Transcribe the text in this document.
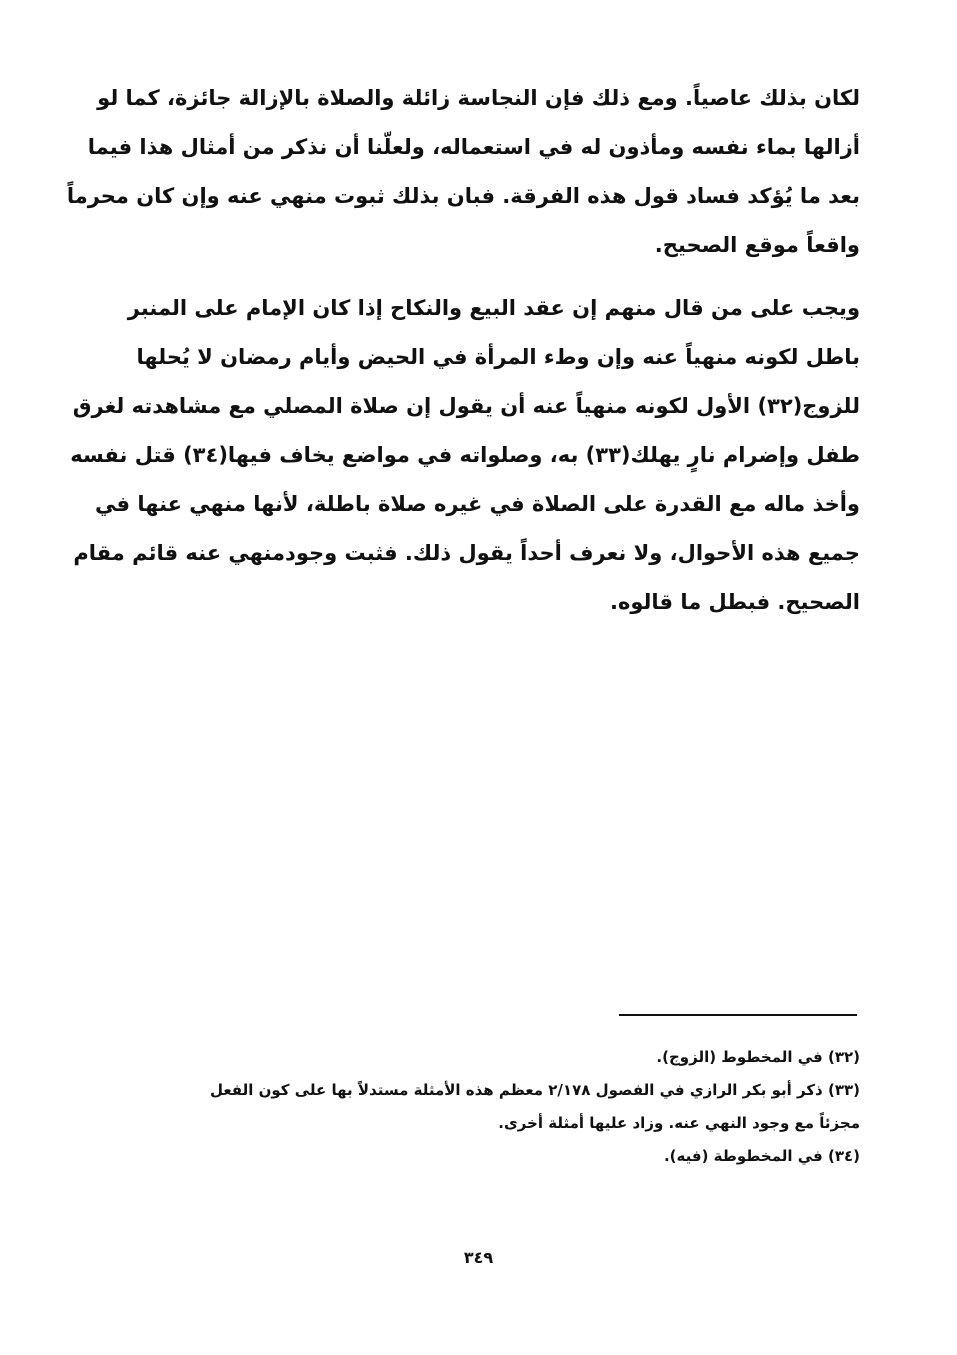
لكان بذلك عاصياً. ومع ذلك فإن النجاسة زائلة والصلاة بالإزالة جائزة، كما لو
أزالها بماء نفسه ومأذون له في استعماله، ولعلّنا أن نذكر من أمثال هذا فيما
بعد ما يُؤكد فساد قول هذه الفرقة. فبان بذلك ثبوت منهي عنه وإن كان محرماً
واقعاً موقع الصحيح.

ويجب على من قال منهم إن عقد البيع والنكاح إذا كان الإمام على المنبر
باطل لكونه منهياً عنه وإن وطء المرأة في الحيض وأيام رمضان لا يُحلها
للزوج(٣٢) الأول لكونه منهياً عنه أن يقول إن صلاة المصلي مع مشاهدته لغرق
طفل وإضرام نارٍ يهلك(٣٣) به، وصلواته في مواضع يخاف فيها(٣٤) قتل نفسه
وأخذ ماله مع القدرة على الصلاة في غيره صلاة باطلة، لأنها منهي عنها في
جميع هذه الأحوال، ولا نعرف أحداً يقول ذلك. فثبت وجودمنهي عنه قائم مقام
الصحيح. فبطل ما قالوه.

(٣٢) في المخطوط (الزوج).
(٣٣) ذكر أبو بكر الرازي في الفصول ٢/١٧٨ معظم هذه الأمثلة مستدلاً بها على كون الفعل
مجزئاً مع وجود النهي عنه. وزاد عليها أمثلة أخرى.
(٣٤) في المخطوطة (فيه).
٣٤٩
